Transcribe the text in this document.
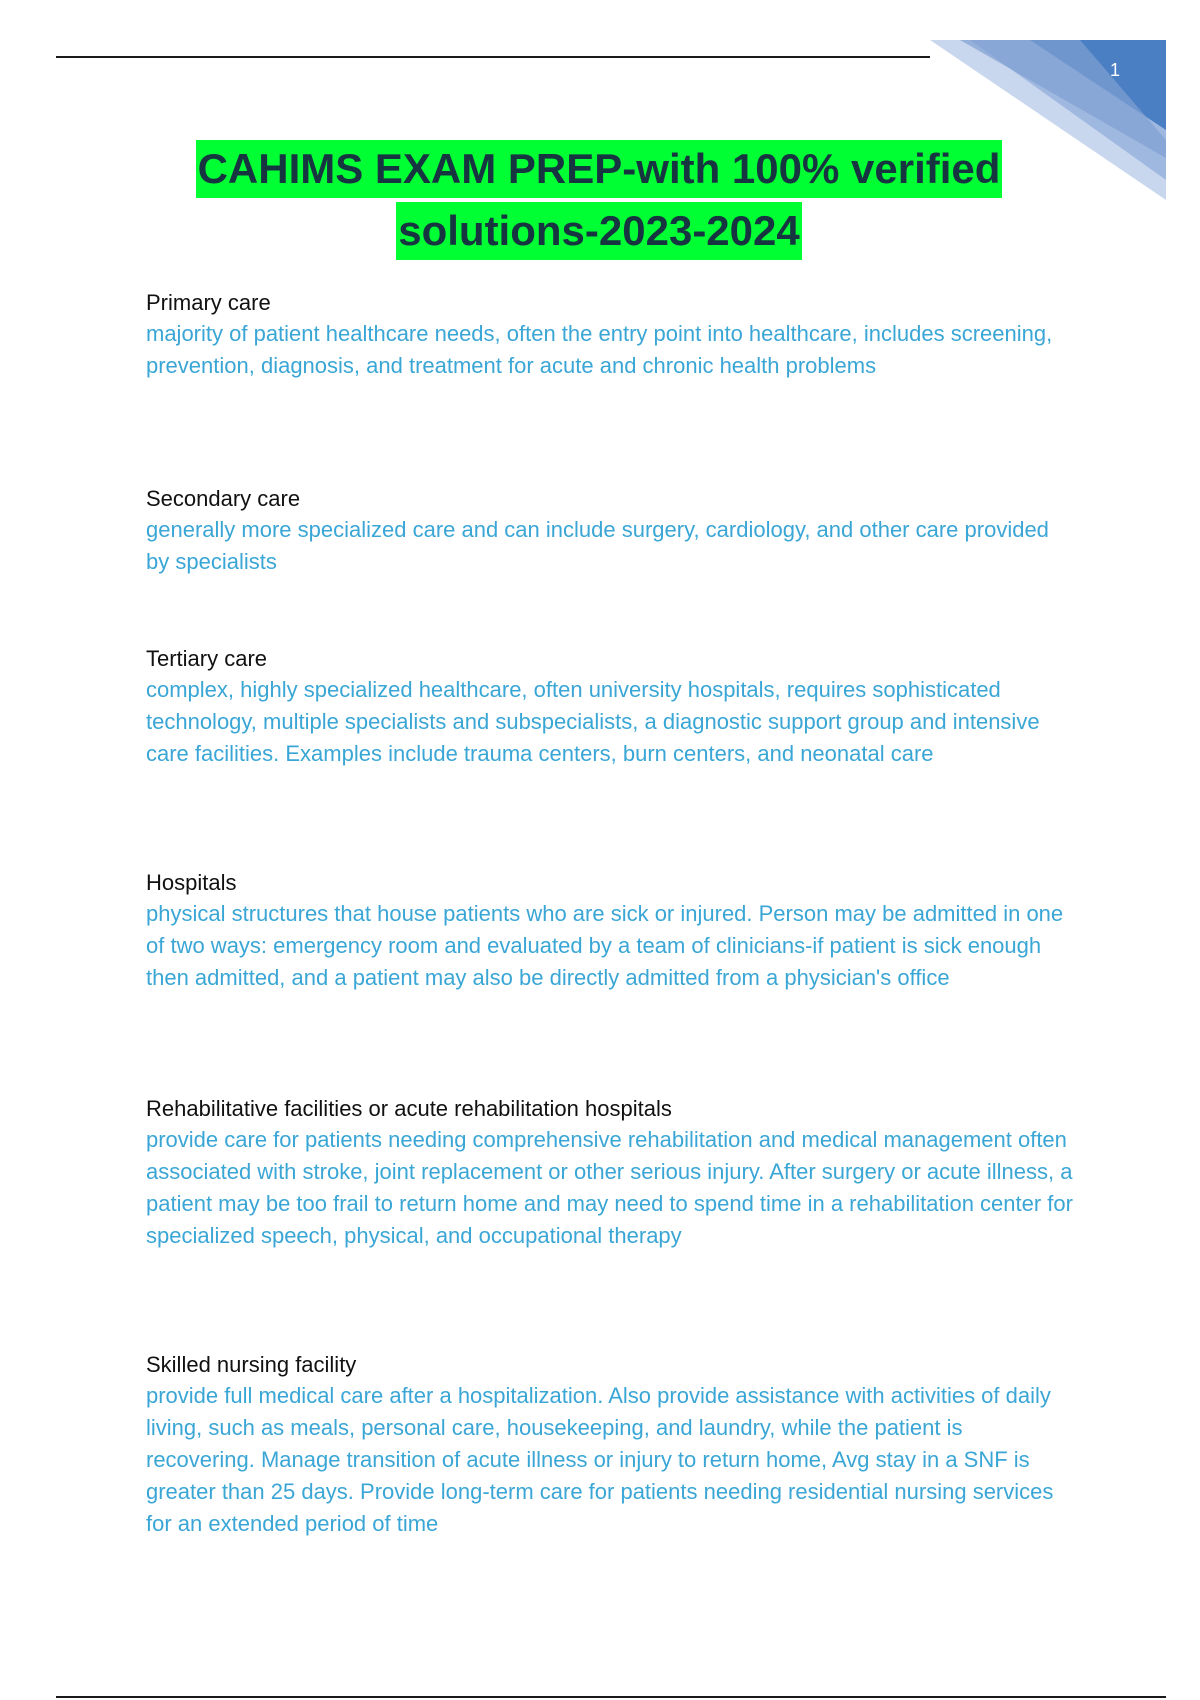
1
CAHIMS EXAM PREP-with 100% verified
solutions-2023-2024

Primary care

majority of patient healthcare needs, often the entry point into healthcare, includes screening, prevention, diagnosis, and treatment for acute and chronic health problems

Secondary care

generally more specialized care and can include surgery, cardiology, and other care provided by specialists

Tertiary care

complex, highly specialized healthcare, often university hospitals, requires sophisticated technology, multiple specialists and subspecialists, a diagnostic support group and intensive care facilities. Examples include trauma centers, burn centers, and neonatal care

Hospitals

physical structures that house patients who are sick or injured. Person may be admitted in one of two ways: emergency room and evaluated by a team of clinicians-if patient is sick enough then admitted, and a patient may also be directly admitted from a physician's office

Rehabilitative facilities or acute rehabilitation hospitals

provide care for patients needing comprehensive rehabilitation and medical management often associated with stroke, joint replacement or other serious injury. After surgery or acute illness, a patient may be too frail to return home and may need to spend time in a rehabilitation center for specialized speech, physical, and occupational therapy

Skilled nursing facility

provide full medical care after a hospitalization. Also provide assistance with activities of daily living, such as meals, personal care, housekeeping, and laundry, while the patient is recovering. Manage transition of acute illness or injury to return home, Avg stay in a SNF is greater than 25 days. Provide long-term care for patients needing residential nursing services for an extended period of time
